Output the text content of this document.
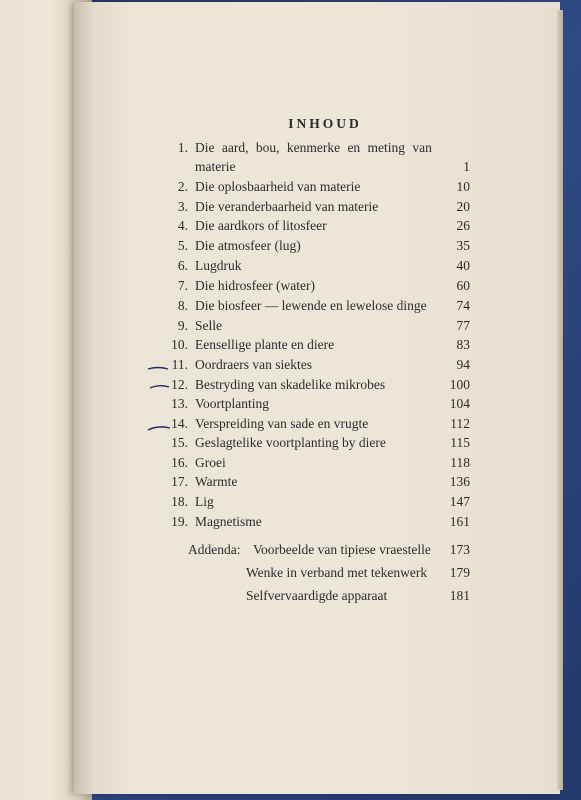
INHOUD
1. Die aard, bou, kenmerke en meting van
materie	1
2. Die oplosbaarheid van materie	10
3. Die veranderbaarheid van materie	20
4. Die aardkors of litosfeer	26
5. Die atmosfeer (lug)	35
6. Lugdruk	40
7. Die hidrosfeer (water)	60
8. Die biosfeer — lewende en lewelose dinge	74
9. Selle	77
10. Eensellige plante en diere	83
11. Oordraers van siektes	94
12. Bestryding van skadelike mikrobes	100
13. Voortplanting	104
14. Verspreiding van sade en vrugte	112
15. Geslagtelike voortplanting by diere	115
16. Groei	118
17. Warmte	136
18. Lig	147
19. Magnetisme	161
Addenda: Voorbeelde van tipiese vraestelle	173
Wenke in verband met tekenwerk	179
Selfvervaardigde apparaat	181
